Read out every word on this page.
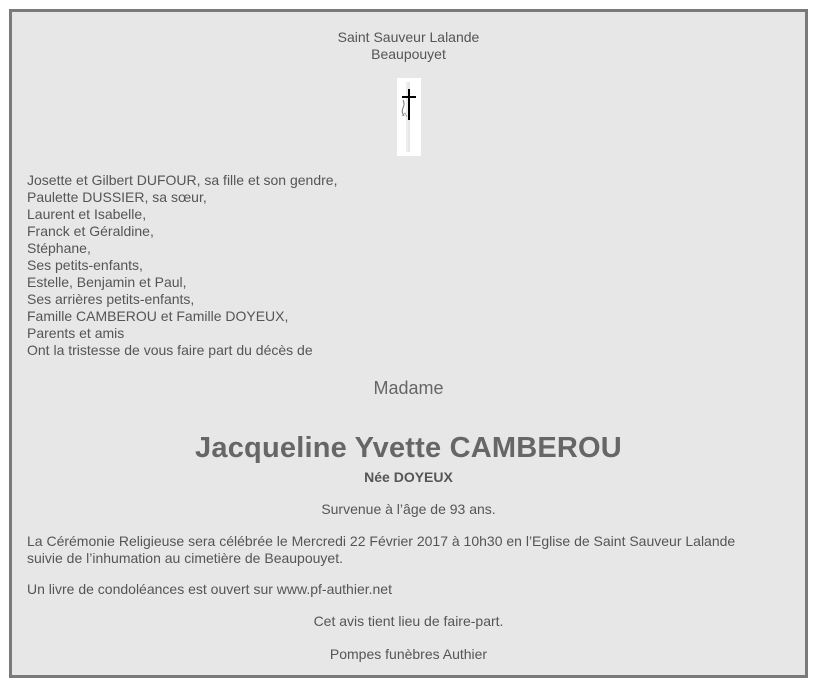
Saint Sauveur Lalande
Beaupouyet
Josette et Gilbert DUFOUR, sa fille et son gendre,
Paulette DUSSIER, sa sœur,
Laurent et Isabelle,
Franck et Géraldine,
Stéphane,
Ses petits-enfants,
Estelle, Benjamin et Paul,
Ses arrières petits-enfants,
Famille CAMBEROU et Famille DOYEUX,
Parents et amis
Ont la tristesse de vous faire part du décès de
Madame
Jacqueline Yvette CAMBEROU
Née DOYEUX
Survenue à l’âge de 93 ans.
La Cérémonie Religieuse sera célébrée le Mercredi 22 Février 2017 à 10h30 en l’Eglise de Saint Sauveur Lalande
suivie de l’inhumation au cimetière de Beaupouyet.
Un livre de condoléances est ouvert sur www.pf-authier.net
Cet avis tient lieu de faire-part.
Pompes funèbres Authier
